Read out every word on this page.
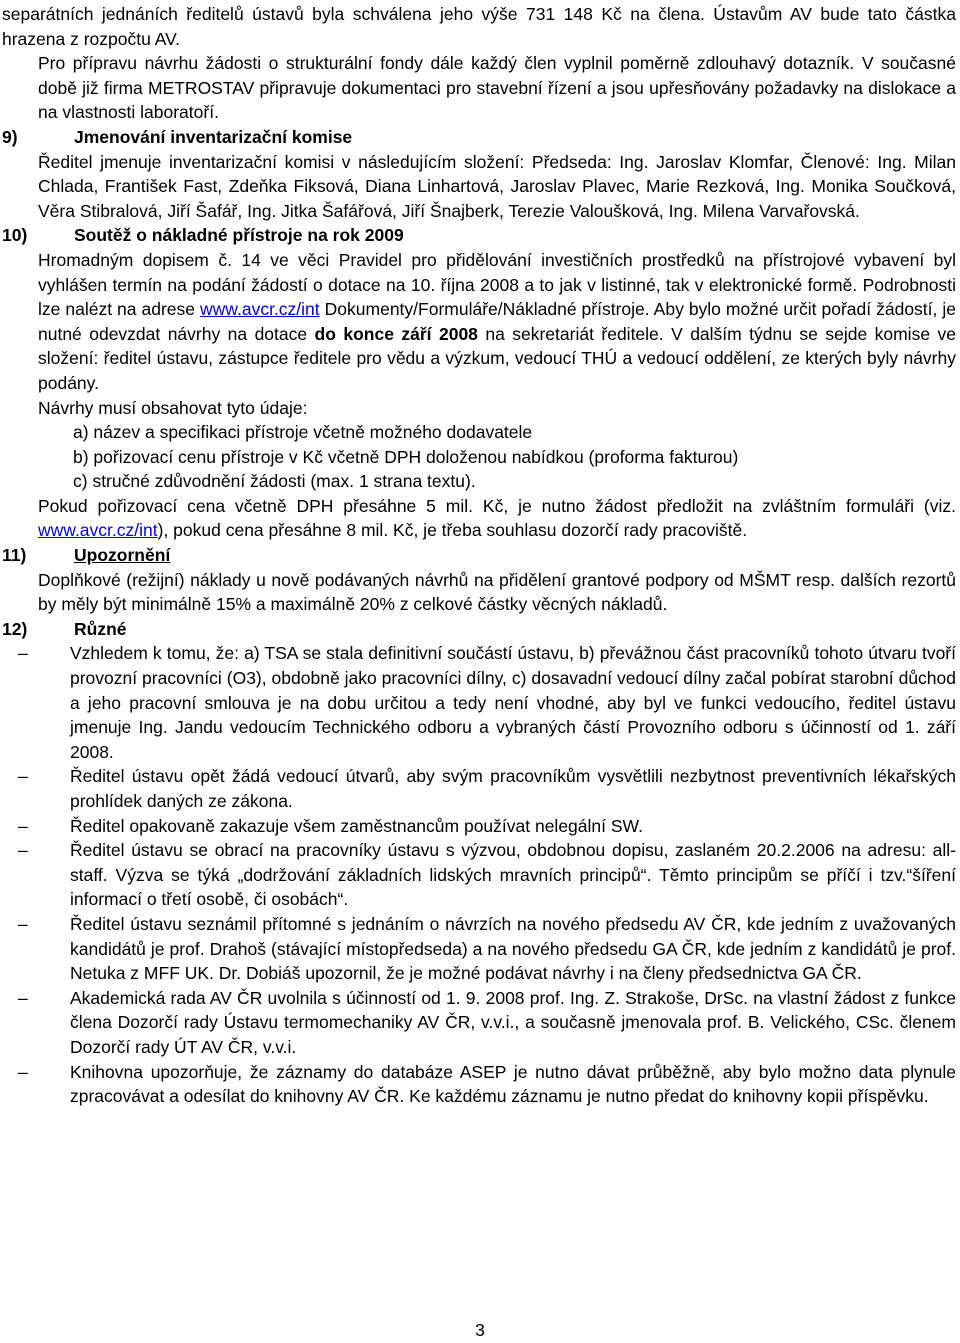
separátních jednáních ředitelů ústavů byla schválena jeho výše 731 148 Kč na člena. Ústavům AV bude tato částka hrazena z rozpočtu AV.

Pro přípravu návrhu žádosti o strukturální fondy dále každý člen vyplnil poměrně zdlouhavý dotazník. V současné době již firma METROSTAV připravuje dokumentaci pro stavební řízení a jsou upřesňovány požadavky na dislokace a na vlastnosti laboratoří.

9)	Jmenování inventarizační komise

Ředitel jmenuje inventarizační komisi v následujícím složení: Předseda: Ing. Jaroslav Klomfar, Členové: Ing. Milan Chlada, František Fast, Zdeňka Fiksová, Diana Linhartová, Jaroslav Plavec, Marie Rezková, Ing. Monika Součková, Věra Stibralová, Jiří Šafář, Ing. Jitka Šafářová, Jiří Šnajberk, Terezie Valoušková, Ing. Milena Varvařovská.

10)	Soutěž o nákladné přístroje na rok 2009

Hromadným dopisem č. 14 ve věci Pravidel pro přidělování investičních prostředků na přístrojové vybavení byl vyhlášen termín na podání žádostí o dotace na 10. října 2008 a to jak v listinné, tak v elektronické formě. Podrobnosti lze nalézt na adrese www.avcr.cz/int Dokumenty/Formuláře/Nákladné přístroje. Aby bylo možné určit pořadí žádostí, je nutné odevzdat návrhy na dotace do konce září 2008 na sekretariát ředitele. V dalším týdnu se sejde komise ve složení: ředitel ústavu, zástupce ředitele pro vědu a výzkum, vedoucí THÚ a vedoucí oddělení, ze kterých byly návrhy podány.

Návrhy musí obsahovat tyto údaje:

a) název a specifikaci přístroje včetně možného dodavatele

b) pořizovací cenu přístroje v Kč včetně DPH doloženou nabídkou (proforma fakturou)

c) stručné zdůvodnění žádosti (max. 1 strana textu).

Pokud pořizovací cena včetně DPH přesáhne 5 mil. Kč, je nutno žádost předložit na zvláštním formuláři (viz. www.avcr.cz/int), pokud cena přesáhne 8 mil. Kč, je třeba souhlasu dozorčí rady pracoviště.

11)	Upozornění

Doplňkové (režijní) náklady u nově podávaných návrhů na přidělení grantové podpory od MŠMT resp. dalších rezortů by měly být minimálně 15% a maximálně 20% z celkové částky věcných nákladů.

12)	Různé
–	Vzhledem k tomu, že: a) TSA se stala definitivní součástí ústavu, b) převážnou část pracovníků tohoto útvaru tvoří provozní pracovníci (O3), obdobně jako pracovníci dílny, c) dosavadní vedoucí dílny začal pobírat starobní důchod a jeho pracovní smlouva je na dobu určitou a tedy není vhodné, aby byl ve funkci vedoucího, ředitel ústavu jmenuje Ing. Jandu vedoucím Technického odboru a vybraných částí Provozního odboru s účinností od 1. září 2008.
–	Ředitel ústavu opět žádá vedoucí útvarů, aby svým pracovníkům vysvětlili nezbytnost preventivních lékařských prohlídek daných ze zákona.
–	Ředitel opakovaně zakazuje všem zaměstnancům používat nelegální SW.
–	Ředitel ústavu se obrací na pracovníky ústavu s výzvou, obdobnou dopisu, zaslaném 20.2.2006 na adresu: all-staff. Výzva se týká „dodržování základních lidských mravních principů“. Těmto principům se příčí i tzv.“šíření informací o třetí osobě, či osobách“.
–	Ředitel ústavu seznámil přítomné s jednáním o návrzích na nového předsedu AV ČR, kde jedním z uvažovaných kandidátů je prof. Drahoš (stávající místopředseda) a na nového předsedu GA ČR, kde jedním z kandidátů je prof. Netuka z MFF UK. Dr. Dobiáš upozornil, že je možné podávat návrhy i na členy předsednictva GA ČR.
–	Akademická rada AV ČR uvolnila s účinností od 1. 9. 2008 prof. Ing. Z. Strakoše, DrSc. na vlastní žádost z funkce člena Dozorčí rady Ústavu termomechaniky AV ČR, v.v.i., a současně jmenovala prof. B. Velického, CSc. členem Dozorčí rady ÚT AV ČR, v.v.i.
–	Knihovna upozorňuje, že záznamy do databáze ASEP je nutno dávat průběžně, aby bylo možno data plynule zpracovávat a odesílat do knihovny AV ČR. Ke každému záznamu je nutno předat do knihovny kopii příspěvku.
3
